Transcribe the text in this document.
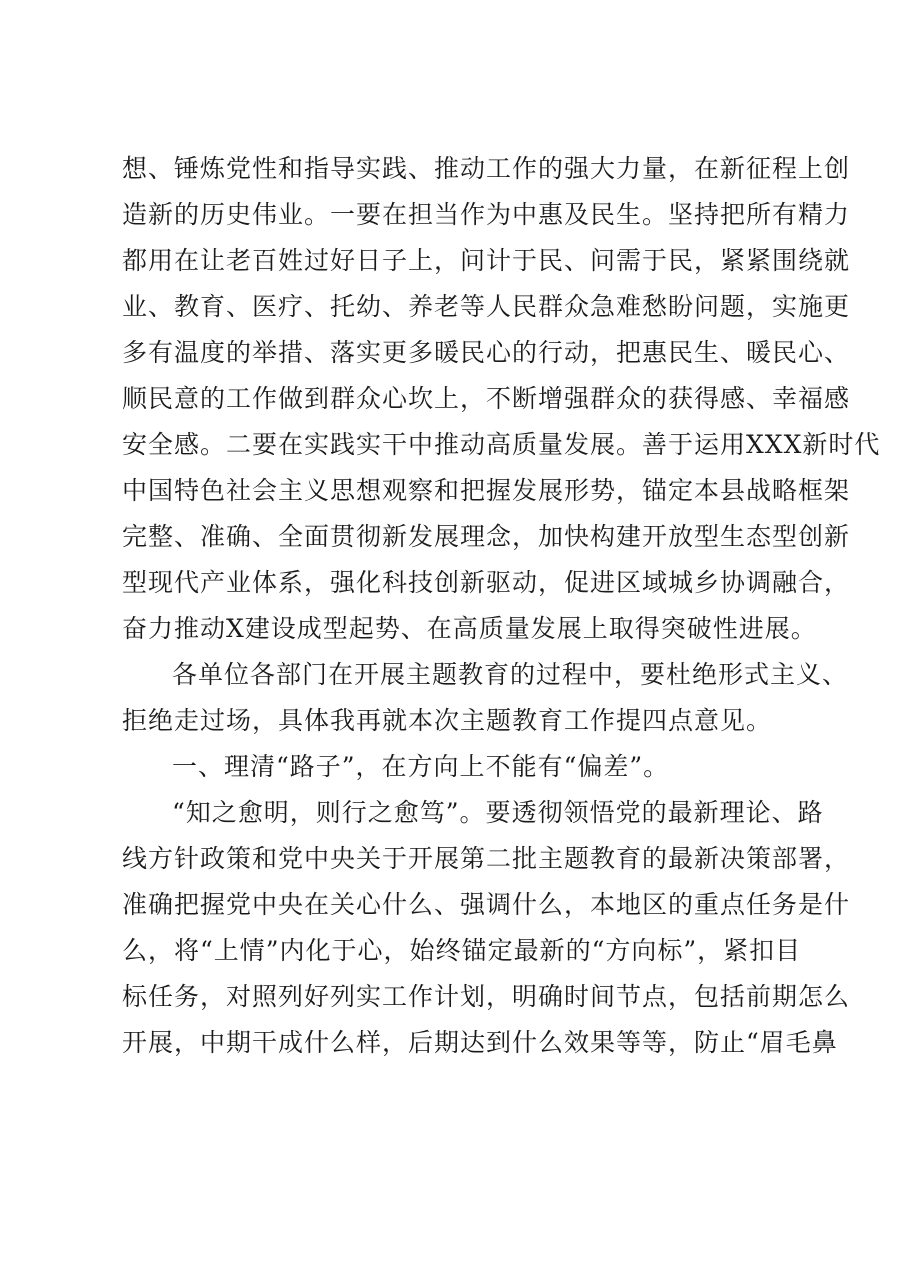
想、锤炼党性和指导实践、推动工作的强大力量，在新征程上创
造新的历史伟业。一要在担当作为中惠及民生。坚持把所有精力
都用在让老百姓过好日子上，问计于民、问需于民，紧紧围绕就
业、教育、医疗、托幼、养老等人民群众急难愁盼问题，实施更
多有温度的举措、落实更多暖民心的行动，把惠民生、暖民心、
顺民意的工作做到群众心坎上，不断增强群众的获得感、幸福感
安全感。二要在实践实干中推动高质量发展。善于运用XXX新时代
中国特色社会主义思想观察和把握发展形势，锚定本县战略框架
完整、准确、全面贯彻新发展理念，加快构建开放型生态型创新
型现代产业体系，强化科技创新驱动，促进区域城乡协调融合，
奋力推动X建设成型起势、在高质量发展上取得突破性进展。
各单位各部门在开展主题教育的过程中，要杜绝形式主义、
拒绝走过场，具体我再就本次主题教育工作提四点意见。
一、理清“路子”，在方向上不能有“偏差”。
“知之愈明，则行之愈笃”。要透彻领悟党的最新理论、路
线方针政策和党中央关于开展第二批主题教育的最新决策部署，
准确把握党中央在关心什么、强调什么，本地区的重点任务是什
么，将“上情”内化于心，始终锚定最新的“方向标”，紧扣目
标任务，对照列好列实工作计划，明确时间节点，包括前期怎么
开展，中期干成什么样，后期达到什么效果等等，防止“眉毛鼻
